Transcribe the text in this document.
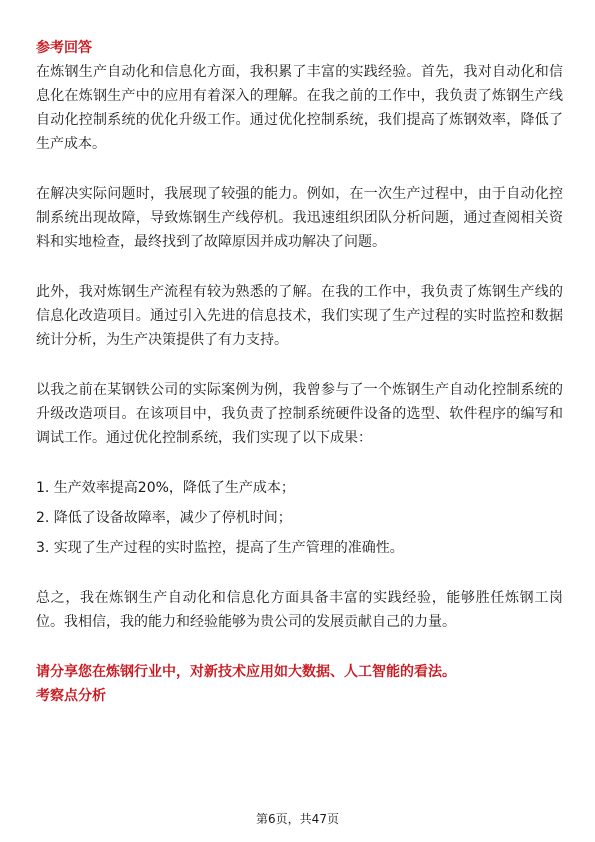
参考回答

在炼钢生产自动化和信息化方面，我积累了丰富的实践经验。首先，我对自动化和信息化在炼钢生产中的应用有着深入的理解。在我之前的工作中，我负责了炼钢生产线自动化控制系统的优化升级工作。通过优化控制系统，我们提高了炼钢效率，降低了生产成本。

在解决实际问题时，我展现了较强的能力。例如，在一次生产过程中，由于自动化控制系统出现故障，导致炼钢生产线停机。我迅速组织团队分析问题，通过查阅相关资料和实地检查，最终找到了故障原因并成功解决了问题。

此外，我对炼钢生产流程有较为熟悉的了解。在我的工作中，我负责了炼钢生产线的信息化改造项目。通过引入先进的信息技术，我们实现了生产过程的实时监控和数据统计分析，为生产决策提供了有力支持。

以我之前在某钢铁公司的实际案例为例，我曾参与了一个炼钢生产自动化控制系统的升级改造项目。在该项目中，我负责了控制系统硬件设备的选型、软件程序的编写和调试工作。通过优化控制系统，我们实现了以下成果：

1. 生产效率提高20%，降低了生产成本；
2. 降低了设备故障率，减少了停机时间；
3. 实现了生产过程的实时监控，提高了生产管理的准确性。

总之，我在炼钢生产自动化和信息化方面具备丰富的实践经验，能够胜任炼钢工岗位。我相信，我的能力和经验能够为贵公司的发展贡献自己的力量。

请分享您在炼钢行业中，对新技术应用如大数据、人工智能的看法。

考察点分析

第6页，共47页
